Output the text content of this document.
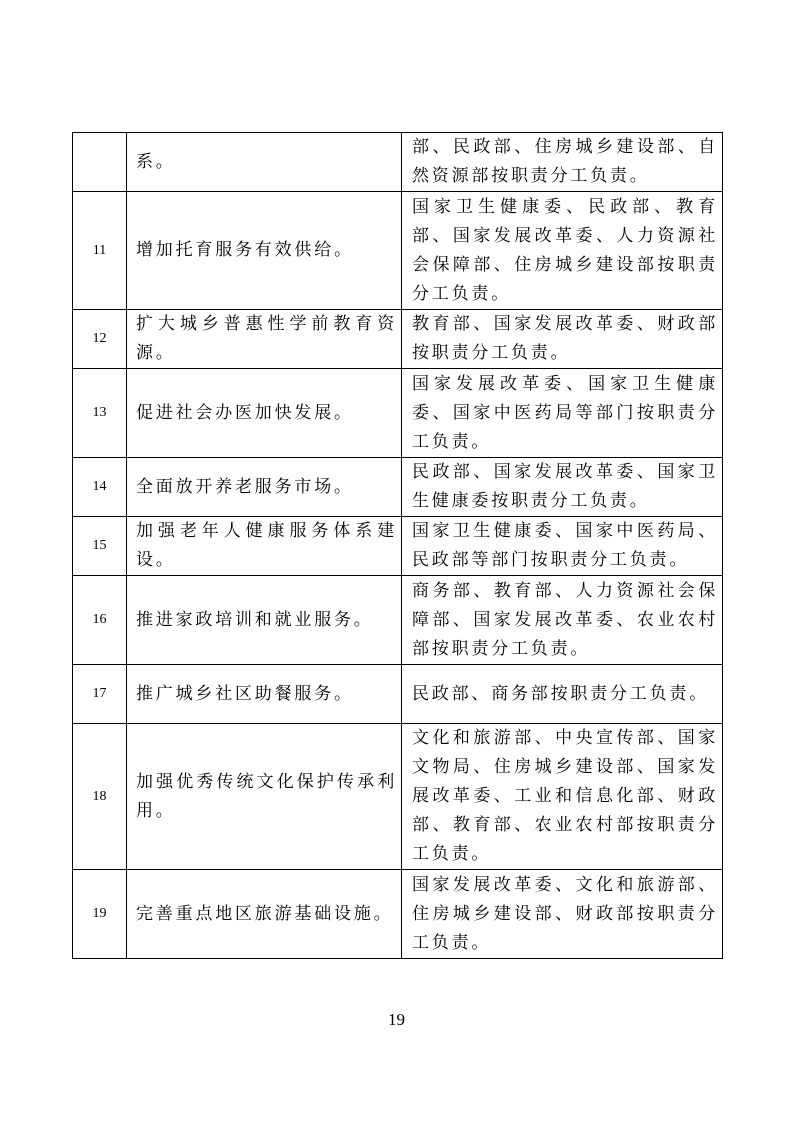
	系。	部、民政部、住房城乡建设部、自然资源部按职责分工负责。
11	增加托育服务有效供给。	国家卫生健康委、民政部、教育部、国家发展改革委、人力资源社会保障部、住房城乡建设部按职责分工负责。
12	扩大城乡普惠性学前教育资源。	教育部、国家发展改革委、财政部按职责分工负责。
13	促进社会办医加快发展。	国家发展改革委、国家卫生健康委、国家中医药局等部门按职责分工负责。
14	全面放开养老服务市场。	民政部、国家发展改革委、国家卫生健康委按职责分工负责。
15	加强老年人健康服务体系建设。	国家卫生健康委、国家中医药局、民政部等部门按职责分工负责。
16	推进家政培训和就业服务。	商务部、教育部、人力资源社会保障部、国家发展改革委、农业农村部按职责分工负责。
17	推广城乡社区助餐服务。	民政部、商务部按职责分工负责。
18	加强优秀传统文化保护传承利用。	文化和旅游部、中央宣传部、国家文物局、住房城乡建设部、国家发展改革委、工业和信息化部、财政部、教育部、农业农村部按职责分工负责。
19	完善重点地区旅游基础设施。	国家发展改革委、文化和旅游部、住房城乡建设部、财政部按职责分工负责。
19
